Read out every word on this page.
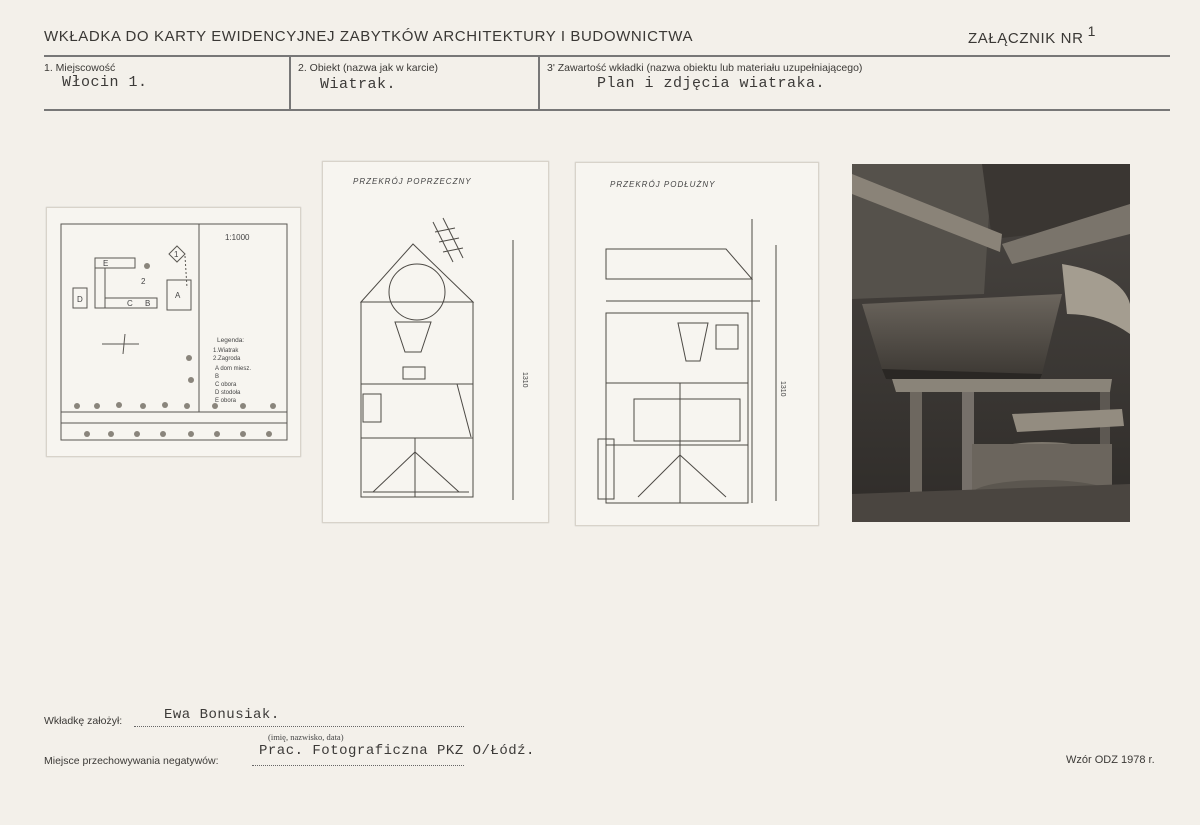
WKŁADKA DO KARTY EWIDENCYJNEJ ZABYTKÓW ARCHITEKTURY I BUDOWNICTWA	ZAŁĄCZNIK NR 1
1. Miejscowość
Włocin 1.
2. Obiekt (nazwa jak w karcie)
Wiatrak.
3' Zawartość wkładki (nazwa obiektu lub materiału uzupełniającego)
Plan i zdjęcia wiatraka.
E
A
B
C
D
1
2
1:1000
Legenda:
1.Wiatrak
2.Zagroda
A dom miesz.
B
C obora
D stodoła
E obora
PRZEKRÓJ POPRZECZNY
1310
PRZEKRÓJ PODŁUŻNY
1310
Wkładkę założył:	Ewa Bonusiak.
(imię, nazwisko, data)
Miejsce przechowywania negatywów:
Prac. Fotograficzna PKZ O/Łódź.
Wzór ODZ 1978 r.
